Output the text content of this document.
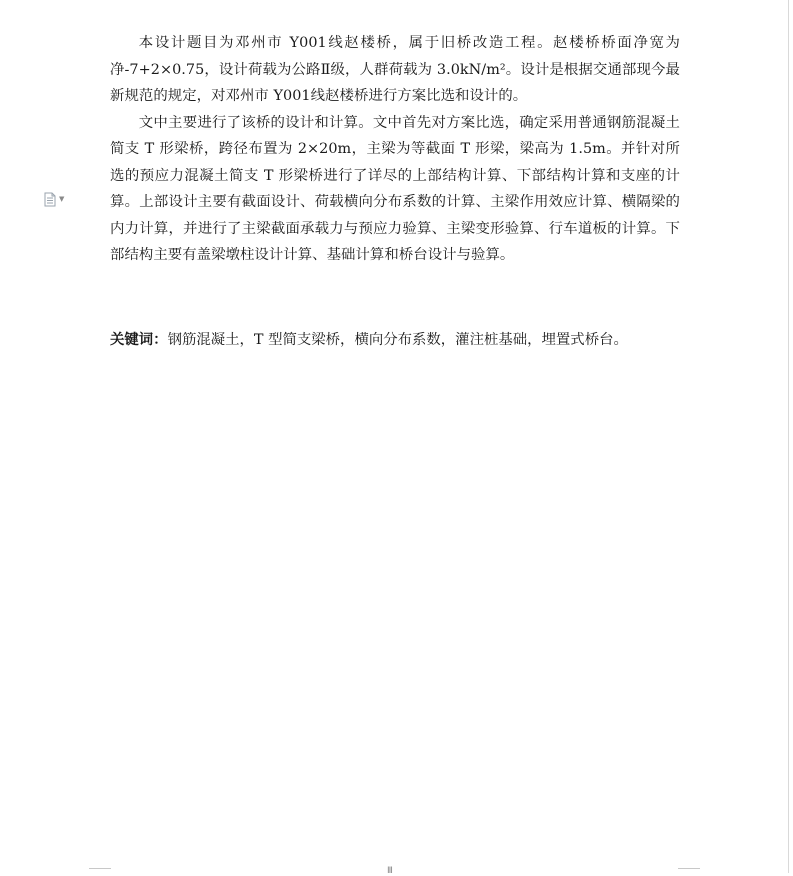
▼

本设计题目为邓州市 Y001线赵楼桥，属于旧桥改造工程。赵楼桥桥面净宽为净-7+2×0.75，设计荷载为公路Ⅱ级，人群荷载为 3.0kN/m²。设计是根据交通部现今最新规范的规定，对邓州市 Y001线赵楼桥进行方案比选和设计的。

文中主要进行了该桥的设计和计算。文中首先对方案比选，确定采用普通钢筋混凝土简支 T 形梁桥，跨径布置为 2×20m，主梁为等截面 T 形梁，梁高为 1.5m。并针对所选的预应力混凝土简支 T 形梁桥进行了详尽的上部结构计算、下部结构计算和支座的计算。上部设计主要有截面设计、荷载横向分布系数的计算、主梁作用效应计算、横隔梁的内力计算，并进行了主梁截面承载力与预应力验算、主梁变形验算、行车道板的计算。下部结构主要有盖梁墩柱设计计算、基础计算和桥台设计与验算。

关键词：钢筋混凝土，T 型简支梁桥，横向分布系数，灌注桩基础，埋置式桥台。
III
